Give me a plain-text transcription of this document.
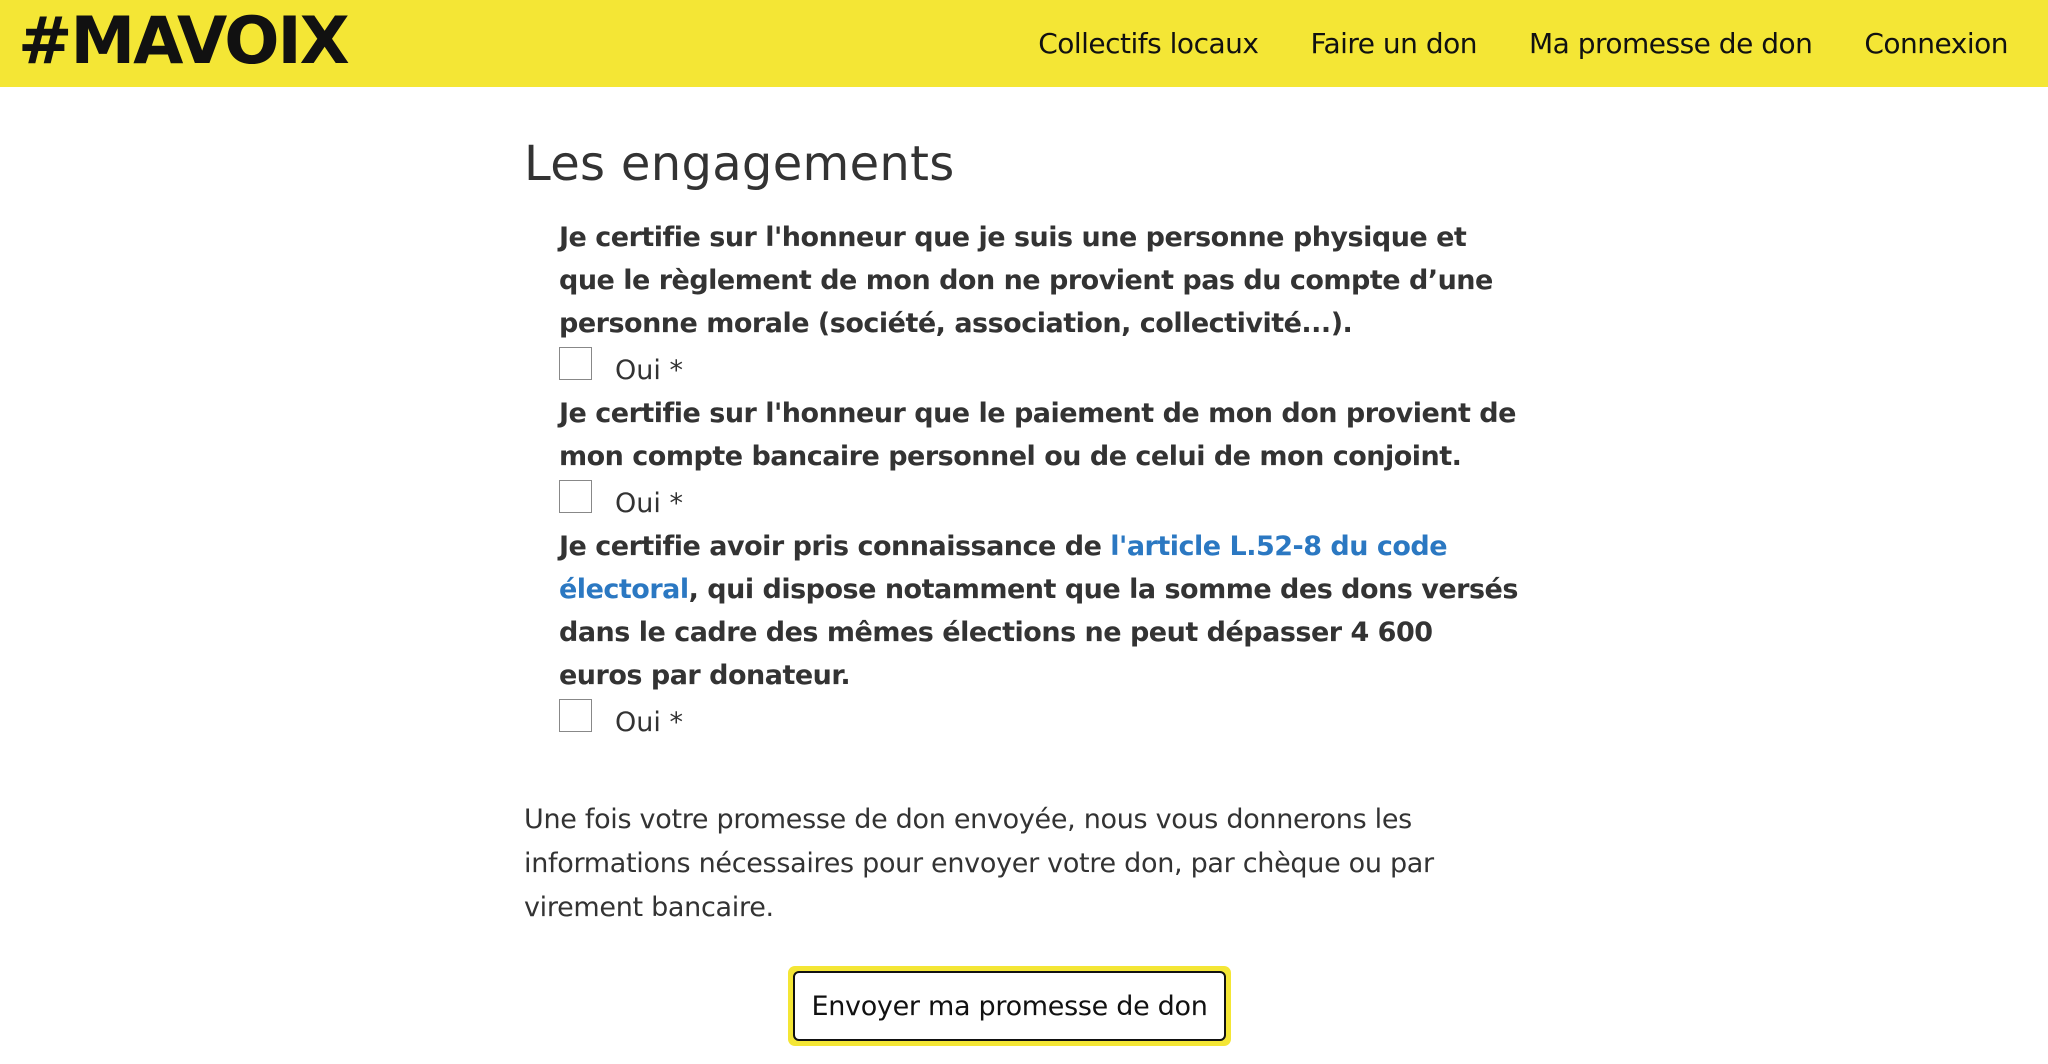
#MAVOIX	Collectifs locaux Faire un don Ma promesse de don Connexion
Les engagements
Je certifie sur l'honneur que je suis une personne physique et que le règlement de mon don ne provient pas du compte d’une personne morale (société, association, collectivité...).
Oui *
Je certifie sur l'honneur que le paiement de mon don provient de mon compte bancaire personnel ou de celui de mon conjoint.
Oui *
Je certifie avoir pris connaissance de l'article L.52-8 du code électoral, qui dispose notamment que la somme des dons versés dans le cadre des mêmes élections ne peut dépasser 4 600 euros par donateur.
Oui *

Une fois votre promesse de don envoyée, nous vous donnerons les informations nécessaires pour envoyer votre don, par chèque ou par virement bancaire.

Envoyer ma promesse de don
